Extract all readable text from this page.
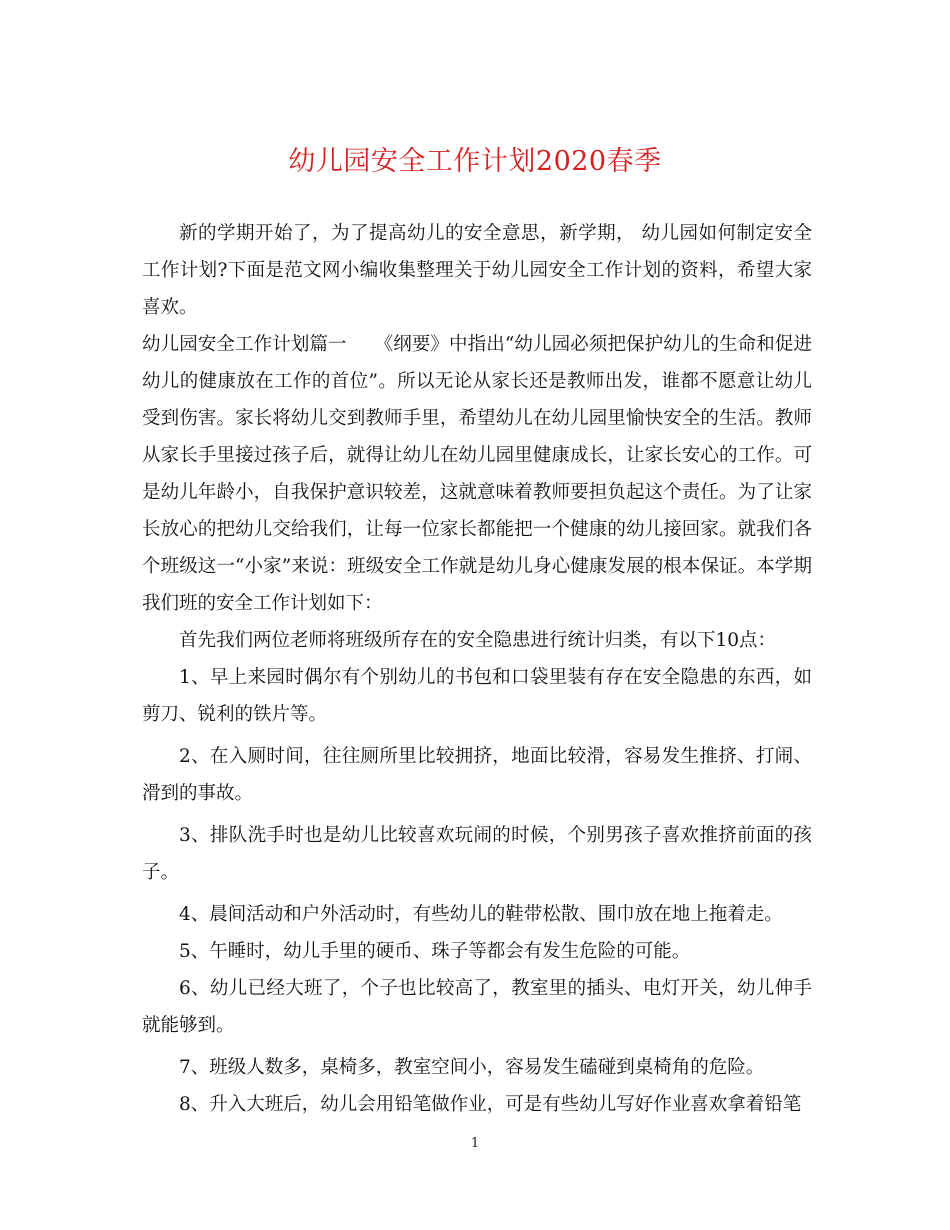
幼儿园安全工作计划2020春季

新的学期开始了，为了提高幼儿的安全意思，新学期， 幼儿园如何制定安全工作计划?下面是范文网小编收集整理关于幼儿园安全工作计划的资料，希望大家喜欢。

幼儿园安全工作计划篇一　　《纲要》中指出“幼儿园必须把保护幼儿的生命和促进幼儿的健康放在工作的首位”。所以无论从家长还是教师出发，谁都不愿意让幼儿受到伤害。家长将幼儿交到教师手里，希望幼儿在幼儿园里愉快安全的生活。教师从家长手里接过孩子后，就得让幼儿在幼儿园里健康成长，让家长安心的工作。可是幼儿年龄小，自我保护意识较差，这就意味着教师要担负起这个责任。为了让家长放心的把幼儿交给我们，让每一位家长都能把一个健康的幼儿接回家。就我们各个班级这一“小家”来说：班级安全工作就是幼儿身心健康发展的根本保证。本学期我们班的安全工作计划如下：

首先我们两位老师将班级所存在的安全隐患进行统计归类，有以下10点：

1、早上来园时偶尔有个别幼儿的书包和口袋里装有存在安全隐患的东西，如剪刀、锐利的铁片等。

2、在入厕时间，往往厕所里比较拥挤，地面比较滑，容易发生推挤、打闹、滑到的事故。

3、排队洗手时也是幼儿比较喜欢玩闹的时候，个别男孩子喜欢推挤前面的孩子。

4、晨间活动和户外活动时，有些幼儿的鞋带松散、围巾放在地上拖着走。

5、午睡时，幼儿手里的硬币、珠子等都会有发生危险的可能。

6、幼儿已经大班了，个子也比较高了，教室里的插头、电灯开关，幼儿伸手就能够到。

7、班级人数多，桌椅多，教室空间小，容易发生磕碰到桌椅角的危险。

8、升入大班后，幼儿会用铅笔做作业，可是有些幼儿写好作业喜欢拿着铅笔

1
